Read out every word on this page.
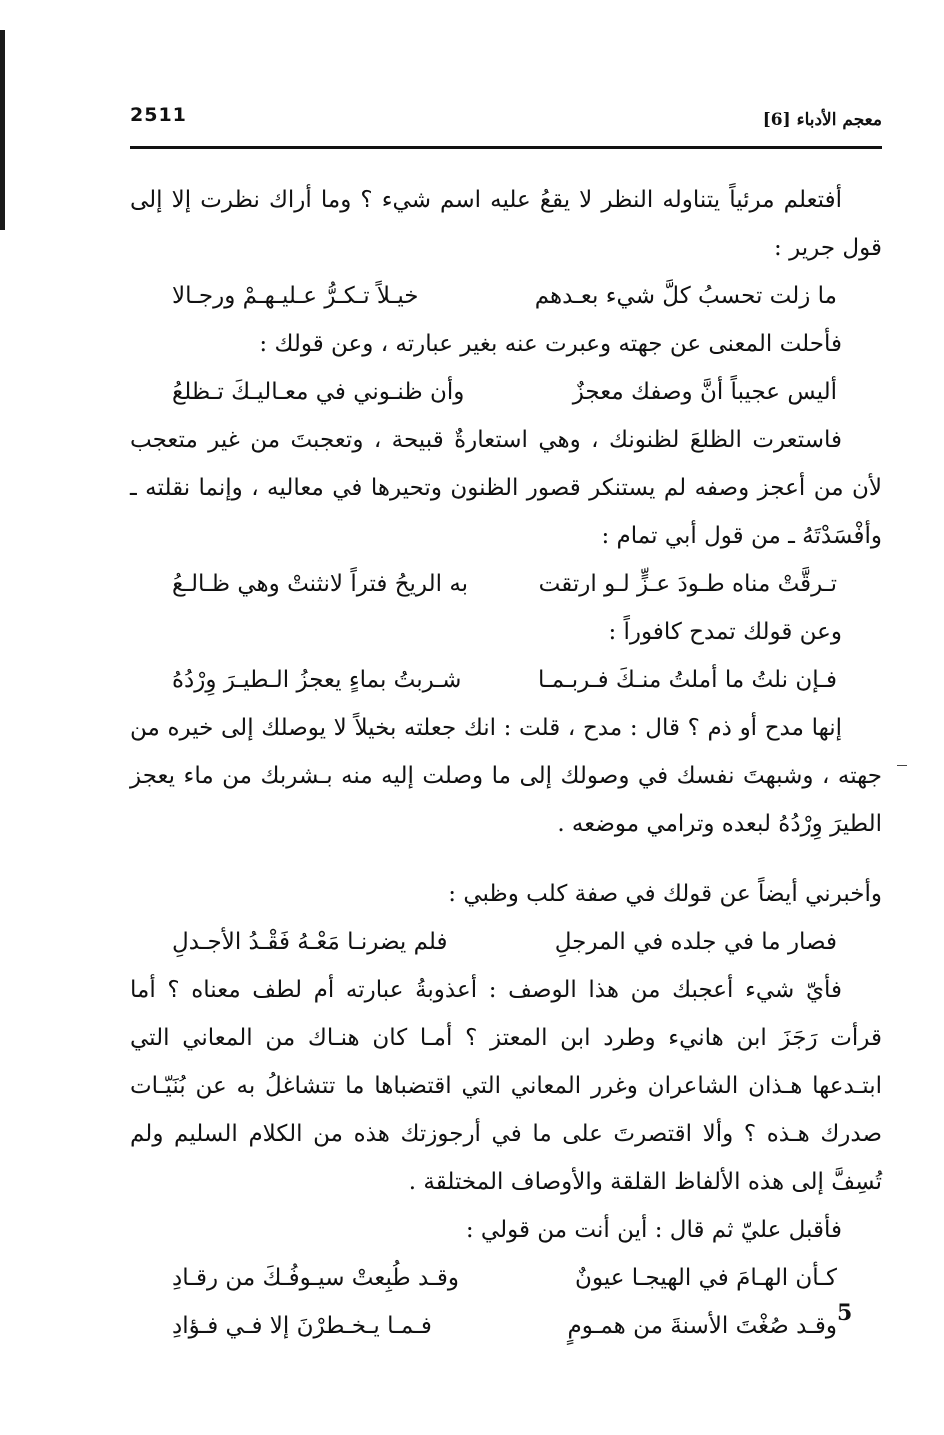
2511	معجم الأدباء [6]

أفتعلم مرئياً يتناوله النظر لا يقعُ عليه اسم شيء ؟ وما أراك نظرت إلا إلى قول جرير :

ما زلت تحسبُ كلَّ شيء بعـدهم
خيـلاً تـكـرُّ عـليـهـمْ ورجـالا

فأحلت المعنى عن جهته وعبرت عنه بغير عبارته ، وعن قولك :

أليس عجيباً أنَّ وصفك معجزٌ
وأن ظنـوني في معـاليـكَ تـظلعُ

فاستعرت الظلعَ لظنونك ، وهي استعارةٌ قبيحة ، وتعجبتَ من غير متعجب لأن من أعجز وصفه لم يستنكر قصور الظنون وتحيرها في معاليه ، وإنما نقلته ـ وأفْسَدْتَهُ ـ من قول أبي تمام :

تـرقَّتْ مناه طـودَ عـزٍّ لـو ارتقت
به الريحُ فتراً لانثنتْ وهي ظـالـعُ

وعن قولك تمدح كافوراً :

فـإن نلتُ ما أملتُ منـكَ فـربـمـا
شـربتُ بماءٍ يعجزُ الـطيـرَ وِرْدُهُ

إنها مدح أو ذم ؟ قال : مدح ، قلت : انك جعلته بخيلاً لا يوصلك إلى خيره من جهته ، وشبهتَ نفسك في وصولك إلى ما وصلت إليه منه بـشربك من ماء يعجز الطيرَ وِرْدُهُ لبعده وترامي موضعه .

وأخبرني أيضاً عن قولك في صفة كلب وظبي :

فصار ما في جلده في المرجلِ
فلم يضرنـا مَعْـهُ فَقْـدُ الأجـدلِ

فأيّ شيء أعجبك من هذا الوصف : أعذوبةُ عبارته أم لطف معناه ؟ أما قرأت رَجَزَ ابن هانيء وطرد ابن المعتز ؟ أمـا كان هنـاك من المعاني التي ابتـدعها هـذان الشاعران وغرر المعاني التي اقتضباها ما تتشاغلُ به عن بُنَيّـات صدرك هـذه ؟ وألا اقتصرتَ على ما في أرجوزتك هذه من الكلام السليم ولم تُسِفَّ إلى هذه الألفاظ القلقة والأوصاف المختلقة .

فأقبل عليّ ثم قال : أين أنت من قولي :

كـأن الهـامَ في الهيجـا عيونٌ
وقـد طُبِعتْ سيـوفُـكَ من رقـادِ
وقـد صُغْتَ الأسنةَ من همـومٍ
فـمـا يـخـطرْنَ إلا فـي فـؤادِ	5
